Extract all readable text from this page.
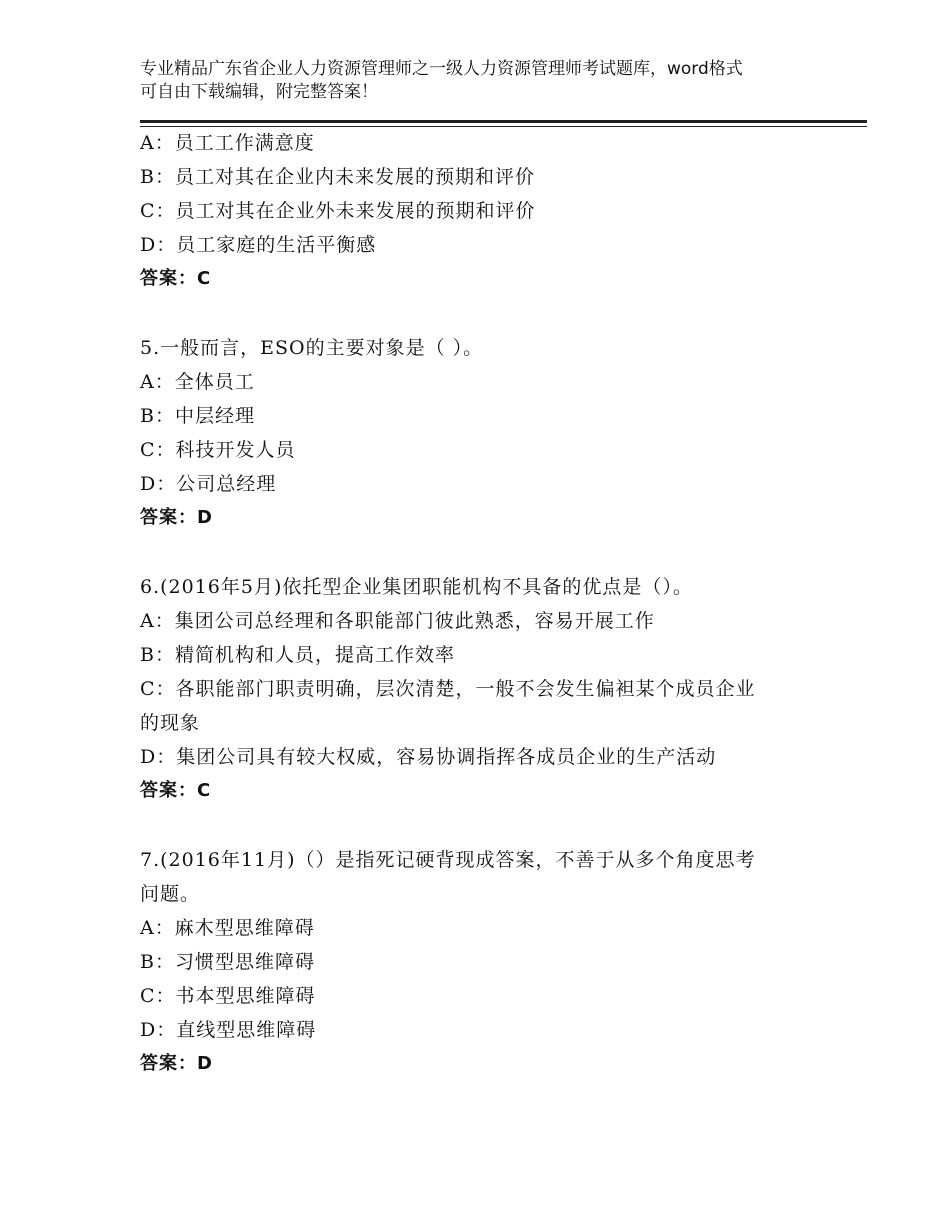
专业精品广东省企业人力资源管理师之一级人力资源管理师考试题库，word格式
可自由下载编辑，附完整答案！
A：员工工作满意度
B：员工对其在企业内未来发展的预期和评价
C：员工对其在企业外未来发展的预期和评价
D：员工家庭的生活平衡感
答案：C
5.一般而言，ESO的主要对象是（ ）。
A：全体员工
B：中层经理
C：科技开发人员
D：公司总经理
答案：D
6.(2016年5月)依托型企业集团职能机构不具备的优点是（）。
A：集团公司总经理和各职能部门彼此熟悉，容易开展工作
B：精简机构和人员，提高工作效率
C：各职能部门职责明确，层次清楚，一般不会发生偏袒某个成员企业
的现象
D：集团公司具有较大权威，容易协调指挥各成员企业的生产活动
答案：C
7.(2016年11月)（）是指死记硬背现成答案，不善于从多个角度思考
问题。
A：麻木型思维障碍
B：习惯型思维障碍
C：书本型思维障碍
D：直线型思维障碍
答案：D
